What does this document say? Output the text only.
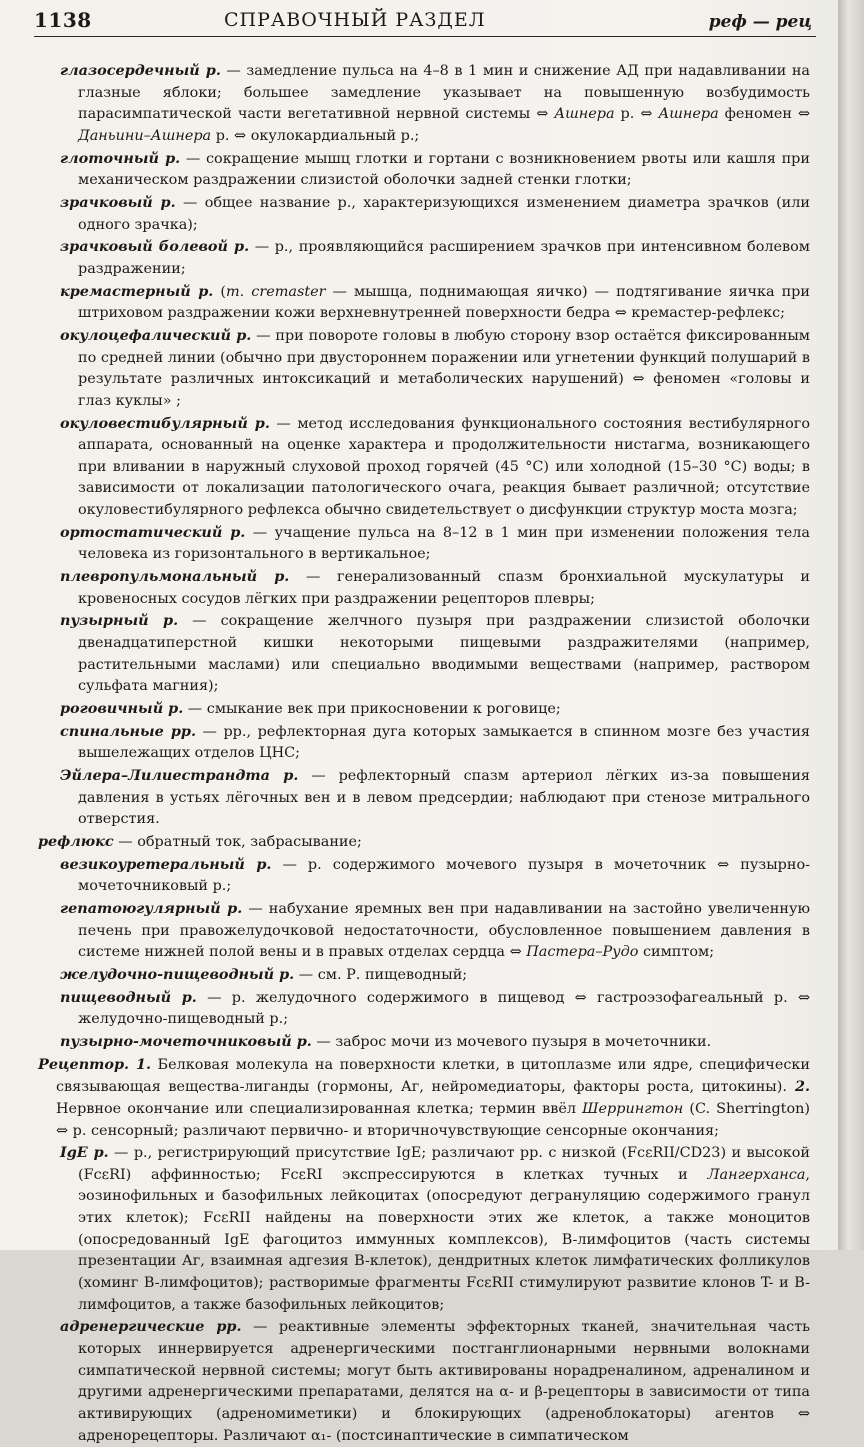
1138	СПРАВОЧНЫЙ РАЗДЕЛ	реф — рец

глазосердечный р. — замедление пульса на 4–8 в 1 мин и снижение АД при надавливании на глазные яблоки; большее замедление указывает на повышенную возбудимость парасимпатической части вегетативной нервной системы ⇔ Ашнера р. ⇔ Ашнера феномен ⇔ Даньини–Ашнера р. ⇔ окулокардиальный р.;

глоточный р. — сокращение мышц глотки и гортани с возникновением рвоты или кашля при механическом раздражении слизистой оболочки задней стенки глотки;

зрачковый р. — общее название р., характеризующихся изменением диаметра зрачков (или одного зрачка);

зрачковый болевой р. — р., проявляющийся расширением зрачков при интенсивном болевом раздражении;

кремастерный р. (m. cremaster — мышца, поднимающая яичко) — подтягивание яичка при штриховом раздражении кожи верхневнутренней поверхности бедра ⇔ кремастер-рефлекс;

окулоцефалический р. — при повороте головы в любую сторону взор остаётся фиксированным по средней линии (обычно при двустороннем поражении или угнетении функций полушарий в результате различных интоксикаций и метаболических нарушений) ⇔ феномен «головы и глаз куклы» ;

окуловестибулярный р. — метод исследования функционального состояния вестибулярного аппарата, основанный на оценке характера и продолжительности нистагма, возникающего при вливании в наружный слуховой проход горячей (45 °C) или холодной (15–30 °C) воды; в зависимости от локализации патологического очага, реакция бывает различной; отсутствие окуловестибулярного рефлекса обычно свидетельствует о дисфункции структур моста мозга;

ортостатический р. — учащение пульса на 8–12 в 1 мин при изменении положения тела человека из горизонтального в вертикальное;

плевропульмональный р. — генерализованный спазм бронхиальной мускулатуры и кровеносных сосудов лёгких при раздражении рецепторов плевры;

пузырный р. — сокращение желчного пузыря при раздражении слизистой оболочки двенадцатиперстной кишки некоторыми пищевыми раздражителями (например, растительными маслами) или специально вводимыми веществами (например, раствором сульфата магния);

роговичный р. — смыкание век при прикосновении к роговице;

спинальные рр. — рр., рефлекторная дуга которых замыкается в спинном мозге без участия вышележащих отделов ЦНС;

Эйлера–Лилиестрандта р. — рефлекторный спазм артериол лёгких из-за повышения давления в устьях лёгочных вен и в левом предсердии; наблюдают при стенозе митрального отверстия.

рефлюкс — обратный ток, забрасывание;

везикоуретеральный р. — р. содержимого мочевого пузыря в мочеточник ⇔ пузырно-мочеточниковый р.;

гепатоюгулярный р. — набухание яремных вен при надавливании на застойно увеличенную печень при правожелудочковой недостаточности, обусловленное повышением давления в системе нижней полой вены и в правых отделах сердца ⇔ Пастера–Рудо симптом;

желудочно-пищеводный р. — см. Р. пищеводный;

пищеводный р. — р. желудочного содержимого в пищевод ⇔ гастроэзофагеальный р. ⇔ желудочно-пищеводный р.;

пузырно-мочеточниковый р. — заброс мочи из мочевого пузыря в мочеточники.

Рецептор. 1. Белковая молекула на поверхности клетки, в цитоплазме или ядре, специфически связывающая вещества-лиганды (гормоны, Аг, нейромедиаторы, факторы роста, цитокины). 2. Нервное окончание или специализированная клетка; термин ввёл Шеррингтон (C. Sherrington) ⇔ р. сенсорный; различают первично- и вторичночувствующие сенсорные окончания;

IgE р. — р., регистрирующий присутствие IgE; различают рр. с низкой (FcεRII/CD23) и высокой (FcεRI) аффинностью; FcεRI экспрессируются в клетках тучных и Лангерханса, эозинофильных и базофильных лейкоцитах (опосредуют дегрануляцию содержимого гранул этих клеток); FcεRII найдены на поверхности этих же клеток, а также моноцитов (опосредованный IgE фагоцитоз иммунных комплексов), B-лимфоцитов (часть системы презентации Аг, взаимная адгезия B-клеток), дендритных клеток лимфатических фолликулов (хоминг B-лимфоцитов); растворимые фрагменты FcεRII стимулируют развитие клонов T- и B-лимфоцитов, а также базофильных лейкоцитов;

адренергические рр. — реактивные элементы эффекторных тканей, значительная часть которых иннервируется адренергическими постганглионарными нервными волокнами симпатической нервной системы; могут быть активированы норадреналином, адреналином и другими адренергическими препаратами, делятся на α- и β-рецепторы в зависимости от типа активирующих (адреномиметики) и блокирующих (адреноблокаторы) агентов ⇔ адренорецепторы. Различают α₁- (постсинаптические в симпатическом
